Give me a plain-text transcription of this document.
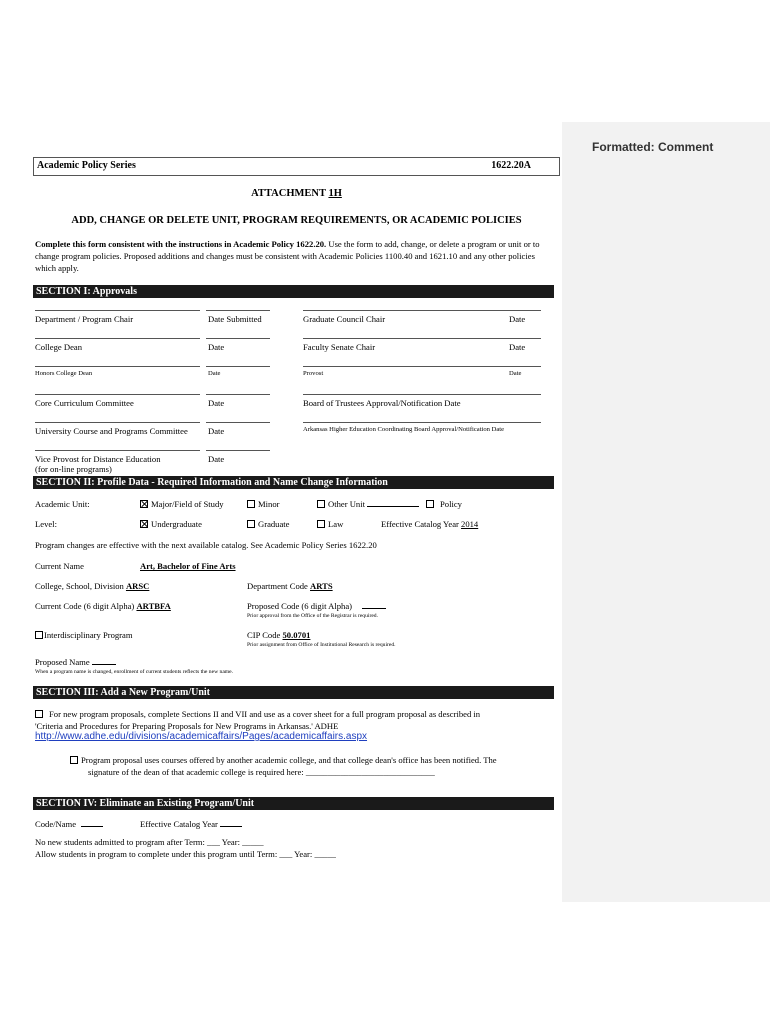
Formatted: Comment
Academic Policy Series	1622.20A
ATTACHMENT 1H
ADD, CHANGE OR DELETE UNIT, PROGRAM REQUIREMENTS, OR ACADEMIC POLICIES
Complete this form consistent with the instructions in Academic Policy 1622.20. Use the form to add, change, or delete a program or unit or to change program policies. Proposed additions and changes must be consistent with Academic Policies 1100.40 and 1621.10 and any other policies which apply.
SECTION I: Approvals
Department / Program Chair	Date Submitted
College Dean	Date
Honors College Dean	Date
Core Curriculum Committee	Date
University Course and Programs Committee Date
Vice Provost for Distance Education	Date
(for on-line programs)
Graduate Council Chair	Date
Faculty Senate Chair	Date
Provost	Date
Board of Trustees Approval/Notification Date
Arkansas Higher Education Coordinating Board Approval/Notification Date
SECTION II: Profile Data - Required Information and Name Change Information
Academic Unit:	Major/Field of Study	Minor	Other Unit	Policy
Level:	Undergraduate	Graduate	Law	Effective Catalog Year 2014
Program changes are effective with the next available catalog. See Academic Policy Series 1622.20
Current Name	Art, Bachelor of Fine Arts
College, School, Division ARSC	Department Code ARTS
Current Code (6 digit Alpha) ARTBFA	Proposed Code (6 digit Alpha)
Prior approval from the Office of the Registrar is required.
Interdisciplinary Program	CIP Code 50.0701
Prior assignment from Office of Institutional Research is required.
Proposed Name
When a program name is changed, enrollment of current students reflects the new name.
SECTION III: Add a New Program/Unit
For new program proposals, complete Sections II and VII and use as a cover sheet for a full program proposal as described in
'Criteria and Procedures for Preparing Proposals for New Programs in Arkansas.' ADHE
http://www.adhe.edu/divisions/academicaffairs/Pages/academicaffairs.aspx
Program proposal uses courses offered by another academic college, and that college dean's office has been notified. The
signature of the dean of that academic college is required here: ______________________________
SECTION IV: Eliminate an Existing Program/Unit
Code/Name	Effective Catalog Year
No new students admitted to program after Term: ___ Year: _____
Allow students in program to complete under this program until Term: ___ Year: _____
